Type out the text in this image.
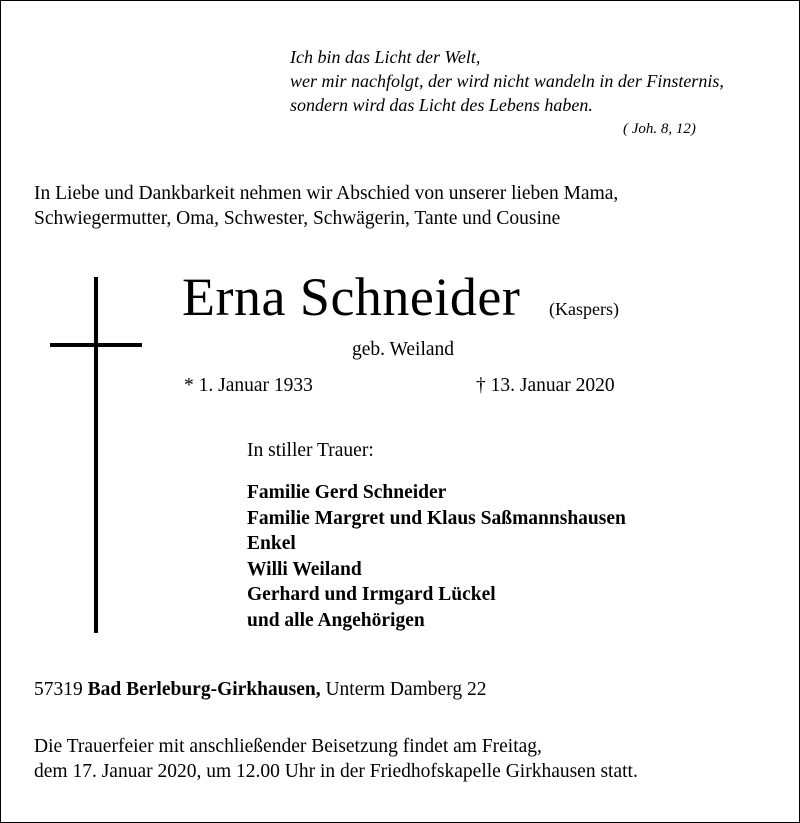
Ich bin das Licht der Welt,
wer mir nachfolgt, der wird nicht wandeln in der Finsternis,
sondern wird das Licht des Lebens haben.
( Joh. 8, 12)
In Liebe und Dankbarkeit nehmen wir Abschied von unserer lieben Mama,
Schwiegermutter, Oma, Schwester, Schwägerin, Tante und Cousine
Erna Schneider (Kaspers)
geb. Weiland
* 1. Januar 1933	† 13. Januar 2020
In stiller Trauer:
Familie Gerd Schneider
Familie Margret und Klaus Saßmannshausen
Enkel
Willi Weiland
Gerhard und Irmgard Lückel
und alle Angehörigen
57319 Bad Berleburg-Girkhausen, Unterm Damberg 22
Die Trauerfeier mit anschließender Beisetzung findet am Freitag,
dem 17. Januar 2020, um 12.00 Uhr in der Friedhofskapelle Girkhausen statt.
